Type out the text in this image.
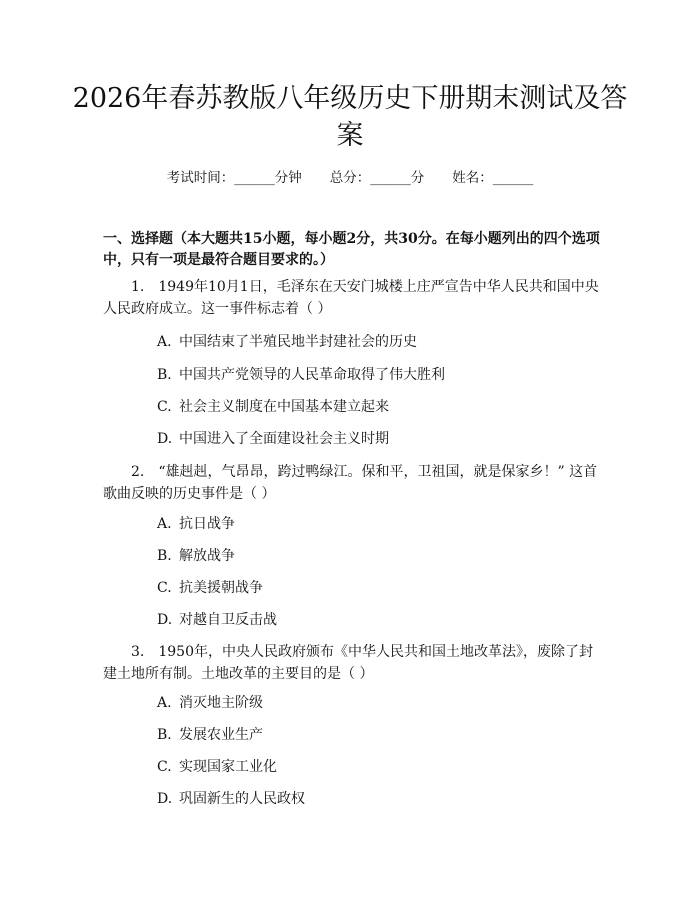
2026年春苏教版八年级历史下册期末测试及答案
考试时间：______分钟 总分：______分 姓名：______

一、选择题（本大题共15小题，每小题2分，共30分。在每小题列出的四个选项中，只有一项是最符合题目要求的。）

1.　1949年10月1日，毛泽东在天安门城楼上庄严宣告中华人民共和国中央人民政府成立。这一事件标志着（ ）

A. 中国结束了半殖民地半封建社会的历史

B. 中国共产党领导的人民革命取得了伟大胜利

C. 社会主义制度在中国基本建立起来

D. 中国进入了全面建设社会主义时期

2.　“雄赳赳，气昂昂，跨过鸭绿江。保和平，卫祖国，就是保家乡！” 这首歌曲反映的历史事件是（ ）

A. 抗日战争

B. 解放战争

C. 抗美援朝战争

D. 对越自卫反击战

3.　1950年，中央人民政府颁布《中华人民共和国土地改革法》，废除了封建土地所有制。土地改革的主要目的是（ ）

A. 消灭地主阶级

B. 发展农业生产

C. 实现国家工业化

D. 巩固新生的人民政权
